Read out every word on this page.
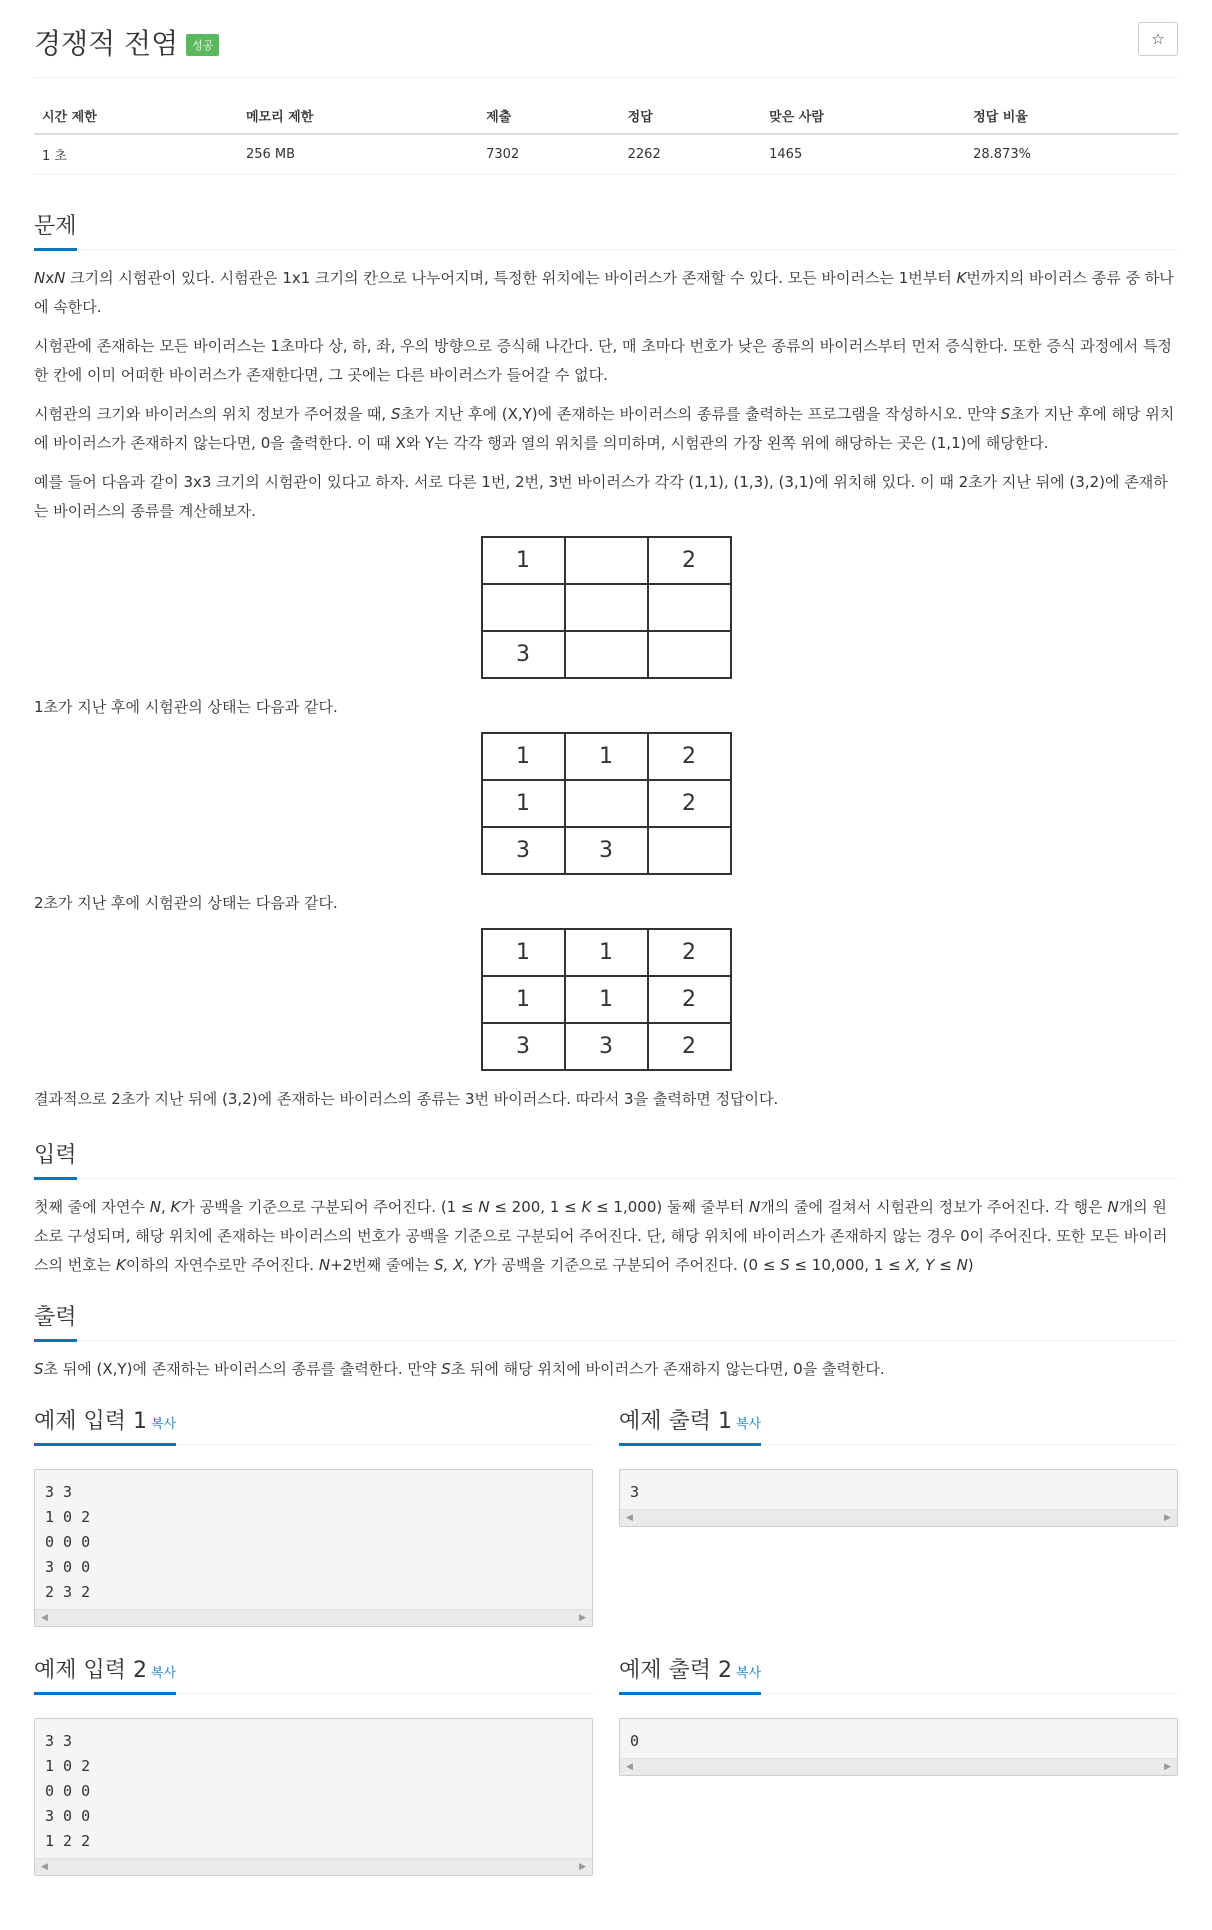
경쟁적 전염	성공	☆
시간 제한	메모리 제한	제출	정답	맞은 사람	정답 비율
1 초	256 MB	7302	2262	1465	28.873%
문제

NxN 크기의 시험관이 있다. 시험관은 1x1 크기의 칸으로 나누어지며, 특정한 위치에는 바이러스가 존재할 수 있다. 모든 바이러스는 1번부터 K번까지의 바이러스 종류 중 하나에 속한다.

시험관에 존재하는 모든 바이러스는 1초마다 상, 하, 좌, 우의 방향으로 증식해 나간다. 단, 매 초마다 번호가 낮은 종류의 바이러스부터 먼저 증식한다. 또한 증식 과정에서 특정한 칸에 이미 어떠한 바이러스가 존재한다면, 그 곳에는 다른 바이러스가 들어갈 수 없다.

시험관의 크기와 바이러스의 위치 정보가 주어졌을 때, S초가 지난 후에 (X,Y)에 존재하는 바이러스의 종류를 출력하는 프로그램을 작성하시오. 만약 S초가 지난 후에 해당 위치에 바이러스가 존재하지 않는다면, 0을 출력한다. 이 때 X와 Y는 각각 행과 열의 위치를 의미하며, 시험관의 가장 왼쪽 위에 해당하는 곳은 (1,1)에 해당한다.

예를 들어 다음과 같이 3x3 크기의 시험관이 있다고 하자. 서로 다른 1번, 2번, 3번 바이러스가 각각 (1,1), (1,3), (3,1)에 위치해 있다. 이 때 2초가 지난 뒤에 (3,2)에 존재하는 바이러스의 종류를 계산해보자.

1		2

3		

1초가 지난 후에 시험관의 상태는 다음과 같다.

1	1	2
1		2
3	3	

2초가 지난 후에 시험관의 상태는 다음과 같다.

1	1	2
1	1	2
3	3	2

결과적으로 2초가 지난 뒤에 (3,2)에 존재하는 바이러스의 종류는 3번 바이러스다. 따라서 3을 출력하면 정답이다.

입력

첫째 줄에 자연수 N, K가 공백을 기준으로 구분되어 주어진다. (1 ≤ N ≤ 200, 1 ≤ K ≤ 1,000) 둘째 줄부터 N개의 줄에 걸쳐서 시험관의 정보가 주어진다. 각 행은 N개의 원소로 구성되며, 해당 위치에 존재하는 바이러스의 번호가 공백을 기준으로 구분되어 주어진다. 단, 해당 위치에 바이러스가 존재하지 않는 경우 0이 주어진다. 또한 모든 바이러스의 번호는 K이하의 자연수로만 주어진다. N+2번째 줄에는 S, X, Y가 공백을 기준으로 구분되어 주어진다. (0 ≤ S ≤ 10,000, 1 ≤ X, Y ≤ N)

출력

S초 뒤에 (X,Y)에 존재하는 바이러스의 종류를 출력한다. 만약 S초 뒤에 해당 위치에 바이러스가 존재하지 않는다면, 0을 출력한다.

예제 입력 1 복사
3 3
1 0 2
0 0 0
3 0 0
2 3 2
◀	▶
예제 출력 1 복사
3
◀	▶
예제 입력 2 복사
3 3
1 0 2
0 0 0
3 0 0
1 2 2
◀	▶
예제 출력 2 복사
0
◀	▶
